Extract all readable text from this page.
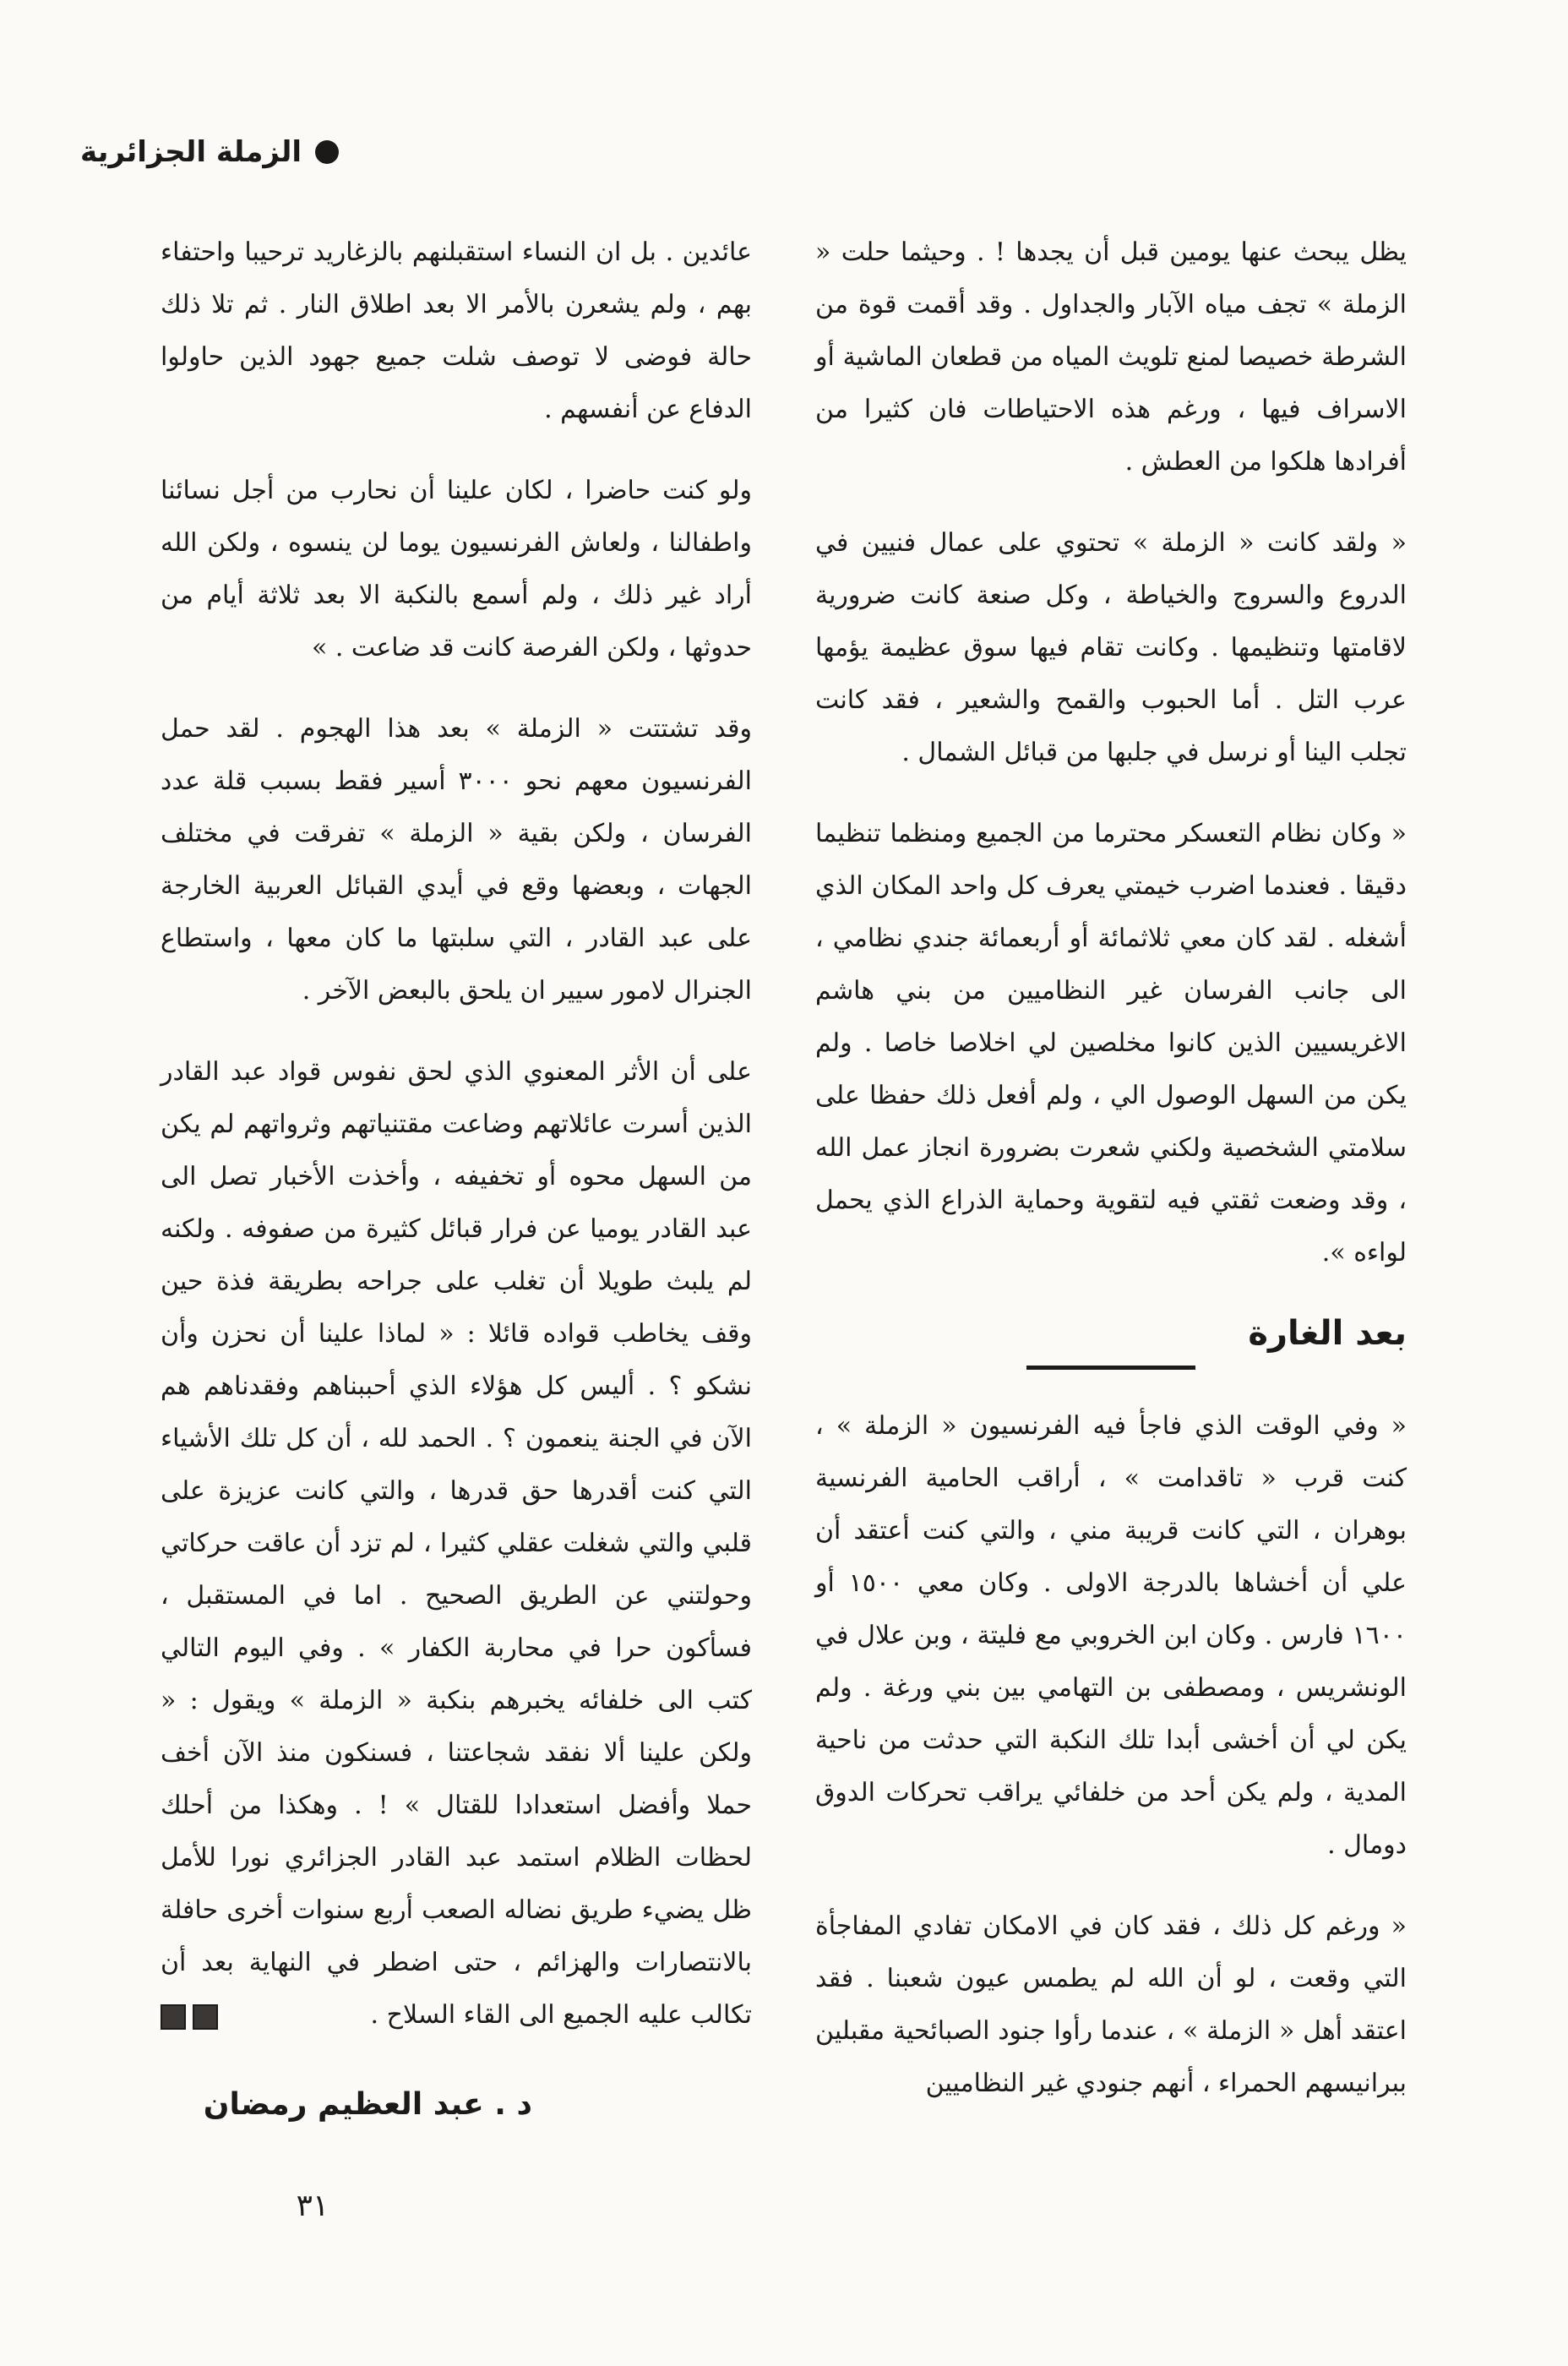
الزملة الجزائرية

يظل يبحث عنها يومين قبل أن يجدها ! . وحيثما حلت « الزملة » تجف مياه الآبار والجداول . وقد أقمت قوة من الشرطة خصيصا لمنع تلويث المياه من قطعان الماشية أو الاسراف فيها ، ورغم هذه الاحتياطات فان كثيرا من أفرادها هلكوا من العطش .

« ولقد كانت « الزملة » تحتوي على عمال فنيين في الدروع والسروج والخياطة ، وكل صنعة كانت ضرورية لاقامتها وتنظيمها . وكانت تقام فيها سوق عظيمة يؤمها عرب التل . أما الحبوب والقمح والشعير ، فقد كانت تجلب الينا أو نرسل في جلبها من قبائل الشمال .

« وكان نظام التعسكر محترما من الجميع ومنظما تنظيما دقيقا . فعندما اضرب خيمتي يعرف كل واحد المكان الذي أشغله . لقد كان معي ثلاثمائة أو أربعمائة جندي نظامي ، الى جانب الفرسان غير النظاميين من بني هاشم الاغريسيين الذين كانوا مخلصين لي اخلاصا خاصا . ولم يكن من السهل الوصول الي ، ولم أفعل ذلك حفظا على سلامتي الشخصية ولكني شعرت بضرورة انجاز عمل الله ، وقد وضعت ثقتي فيه لتقوية وحماية الذراع الذي يحمل لواءه ».

بعد الغارة

« وفي الوقت الذي فاجأ فيه الفرنسيون « الزملة » ، كنت قرب « تاقدامت » ، أراقب الحامية الفرنسية بوهران ، التي كانت قريبة مني ، والتي كنت أعتقد أن علي أن أخشاها بالدرجة الاولى . وكان معي ١٥٠٠ أو ١٦٠٠ فارس . وكان ابن الخروبي مع فليتة ، وبن علال في الونشريس ، ومصطفى بن التهامي بين بني ورغة . ولم يكن لي أن أخشى أبدا تلك النكبة التي حدثت من ناحية المدية ، ولم يكن أحد من خلفائي يراقب تحركات الدوق دومال .

« ورغم كل ذلك ، فقد كان في الامكان تفادي المفاجأة التي وقعت ، لو أن الله لم يطمس عيون شعبنا . فقد اعتقد أهل « الزملة » ، عندما رأوا جنود الصبائحية مقبلين ببرانيسهم الحمراء ، أنهم جنودي غير النظاميين

عائدين . بل ان النساء استقبلنهم بالزغاريد ترحيبا واحتفاء بهم ، ولم يشعرن بالأمر الا بعد اطلاق النار . ثم تلا ذلك حالة فوضى لا توصف شلت جميع جهود الذين حاولوا الدفاع عن أنفسهم .

ولو كنت حاضرا ، لكان علينا أن نحارب من أجل نسائنا واطفالنا ، ولعاش الفرنسيون يوما لن ينسوه ، ولكن الله أراد غير ذلك ، ولم أسمع بالنكبة الا بعد ثلاثة أيام من حدوثها ، ولكن الفرصة كانت قد ضاعت . »

وقد تشتتت « الزملة » بعد هذا الهجوم . لقد حمل الفرنسيون معهم نحو ٣٠٠٠ أسير فقط بسبب قلة عدد الفرسان ، ولكن بقية « الزملة » تفرقت في مختلف الجهات ، وبعضها وقع في أيدي القبائل العربية الخارجة على عبد القادر ، التي سلبتها ما كان معها ، واستطاع الجنرال لامور سيير ان يلحق بالبعض الآخر .

على أن الأثر المعنوي الذي لحق نفوس قواد عبد القادر الذين أسرت عائلاتهم وضاعت مقتنياتهم وثرواتهم لم يكن من السهل محوه أو تخفيفه ، وأخذت الأخبار تصل الى عبد القادر يوميا عن فرار قبائل كثيرة من صفوفه . ولكنه لم يلبث طويلا أن تغلب على جراحه بطريقة فذة حين وقف يخاطب قواده قائلا : « لماذا علينا أن نحزن وأن نشكو ؟ . أليس كل هؤلاء الذي أحببناهم وفقدناهم هم الآن في الجنة ينعمون ؟ . الحمد لله ، أن كل تلك الأشياء التي كنت أقدرها حق قدرها ، والتي كانت عزيزة على قلبي والتي شغلت عقلي كثيرا ، لم تزد أن عاقت حركاتي وحولتني عن الطريق الصحيح . اما في المستقبل ، فسأكون حرا في محاربة الكفار » . وفي اليوم التالي كتب الى خلفائه يخبرهم بنكبة « الزملة » ويقول : « ولكن علينا ألا نفقد شجاعتنا ، فسنكون منذ الآن أخف حملا وأفضل استعدادا للقتال » ! . وهكذا من أحلك لحظات الظلام استمد عبد القادر الجزائري نورا للأمل ظل يضيء طريق نضاله الصعب أربع سنوات أخرى حافلة بالانتصارات والهزائم ، حتى اضطر في النهاية بعد أن تكالب عليه الجميع الى القاء السلاح .

د . عبد العظيم رمضان
٣١
